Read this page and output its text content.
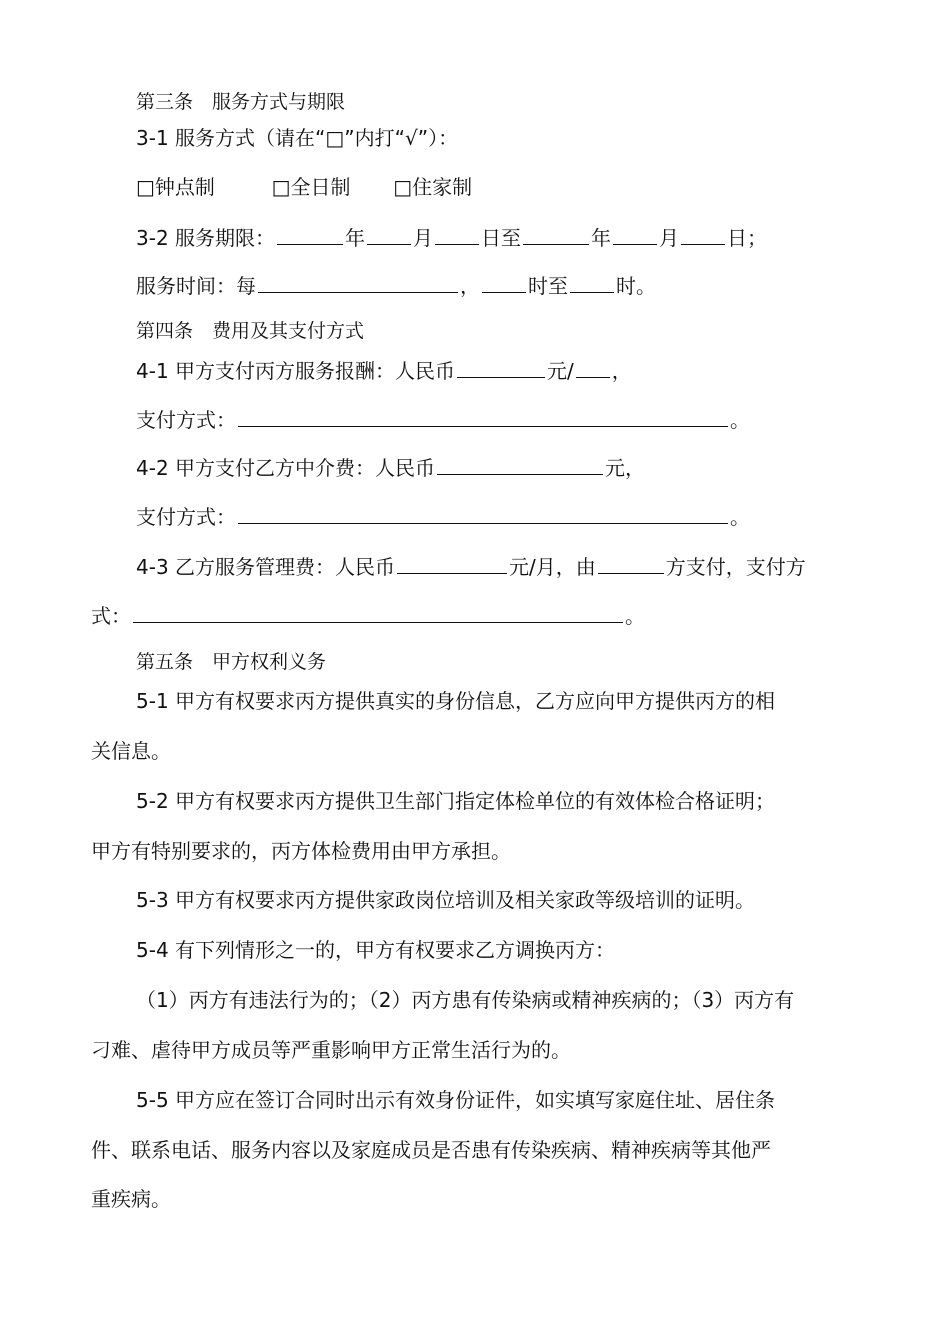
第三条　服务方式与期限
3-1 服务方式（请在“□”内打“√”）：
□钟点制	□全日制 □住家制
3-2 服务期限：	年 月 日至	年 月 日；
服务时间：每	， 时至 时。
第四条　费用及其支付方式
4-1 甲方支付丙方服务报酬：人民币	元/ ，
支付方式：	。
4-2 甲方支付乙方中介费：人民币	元，
支付方式：	。
4-3 乙方服务管理费：人民币	元/月，由	方支付，支付方
式：	。
第五条　甲方权利义务
5-1 甲方有权要求丙方提供真实的身份信息，乙方应向甲方提供丙方的相
关信息。
5-2 甲方有权要求丙方提供卫生部门指定体检单位的有效体检合格证明；
甲方有特别要求的，丙方体检费用由甲方承担。
5-3 甲方有权要求丙方提供家政岗位培训及相关家政等级培训的证明。
5-4 有下列情形之一的，甲方有权要求乙方调换丙方：
（1）丙方有违法行为的；（2）丙方患有传染病或精神疾病的；（3）丙方有
刁难、虐待甲方成员等严重影响甲方正常生活行为的。
5-5 甲方应在签订合同时出示有效身份证件，如实填写家庭住址、居住条
件、联系电话、服务内容以及家庭成员是否患有传染疾病、精神疾病等其他严
重疾病。
